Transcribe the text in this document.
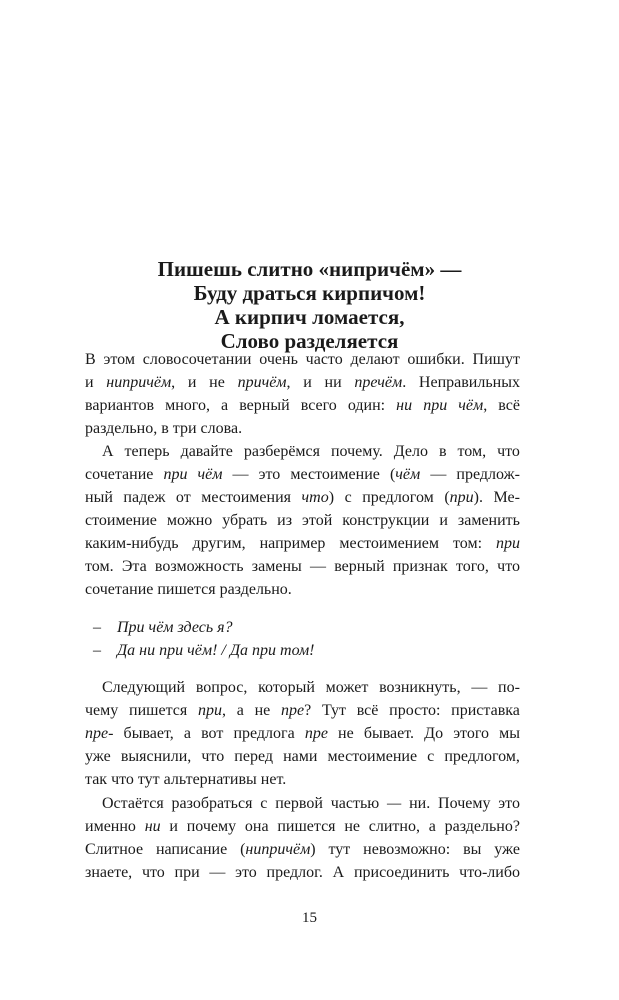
Пишешь слитно «нипричём» —
Буду драться кирпичом!
А кирпич ломается,
Слово разделяется
В этом словосочетании очень часто делают ошибки. Пишут
и нипричём, и не причём, и ни пречём. Неправильных
вариантов много, а верный всего один: ни при чём, всё
раздельно, в три слова.
А теперь давайте разберёмся почему. Дело в том, что
сочетание при чём — это местоимение (чём — предлож-
ный падеж от местоимения что) с предлогом (при). Ме-
стоимение можно убрать из этой конструкции и заменить
каким-нибудь другим, например местоимением том: при
том. Эта возможность замены — верный признак того, что
сочетание пишется раздельно.
– При чём здесь я?
– Да ни при чём! / Да при том!
Следующий вопрос, который может возникнуть, — по-
чему пишется при, а не пре? Тут всё просто: приставка
пре- бывает, а вот предлога пре не бывает. До этого мы
уже выяснили, что перед нами местоимение с предлогом,
так что тут альтернативы нет.
Остаётся разобраться с первой частью — ни. Почему это
именно ни и почему она пишется не слитно, а раздельно?
Слитное написание (нипричём) тут невозможно: вы уже
знаете, что при — это предлог. А присоединить что-либо
15
